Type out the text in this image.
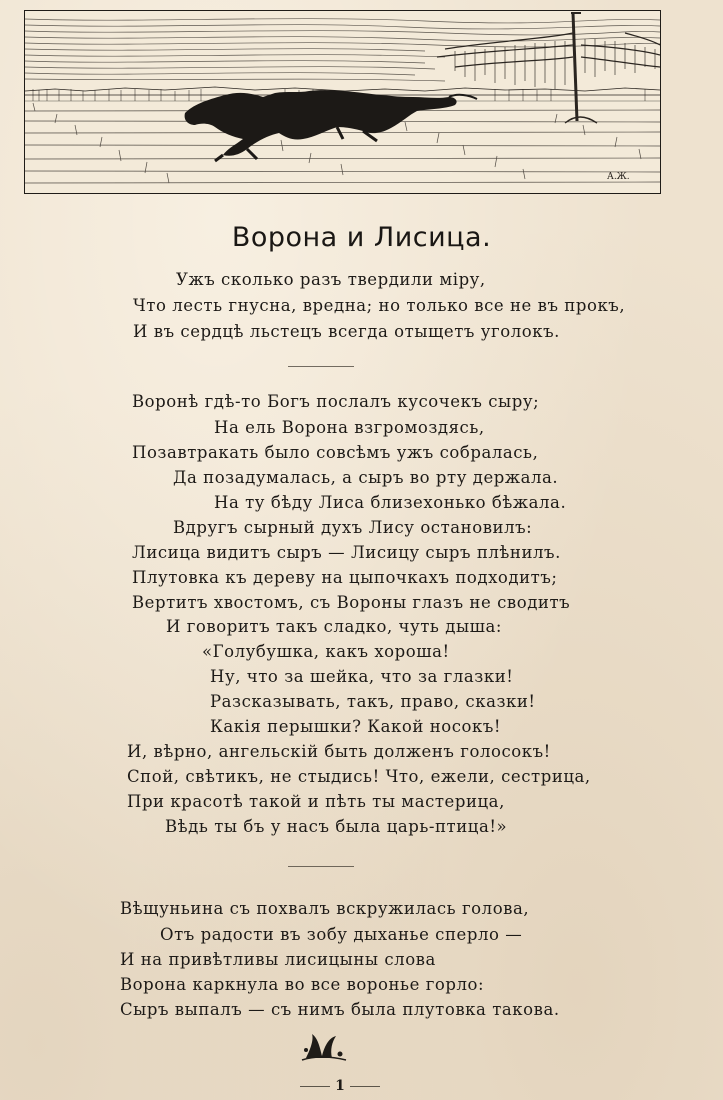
А.Ж.
Ворона и Лисица.
Ужъ сколько разъ твердили мiру,
Что лесть гнусна, вредна; но только все не въ прокъ,
И въ сердцѣ льстецъ всегда отыщетъ уголокъ.
Воронѣ гдѣ-то Богъ послалъ кусочекъ сыру;
На ель Ворона взгромоздясь,
Позавтракать было совсѣмъ ужъ собралась,
Да позадумалась, а сыръ во рту держала.
На ту бѣду Лиса близехонько бѣжала.
Вдругъ сырный духъ Лису остановилъ:
Лисица видитъ сыръ — Лисицу сыръ плѣнилъ.
Плутовка къ дереву на цыпочкахъ подходитъ;
Вертитъ хвостомъ, съ Вороны глазъ не сводитъ
И говоритъ такъ сладко, чуть дыша:
«Голубушка, какъ хороша!
Ну, что за шейка, что за глазки!
Разсказывать, такъ, право, сказки!
Какiя перышки? Какой носокъ!
И, вѣрно, ангельскiй быть долженъ голосокъ!
Спой, свѣтикъ, не стыдись! Что, ежели, сестрица,
При красотѣ такой и пѣть ты мастерица,
Вѣдь ты бъ у насъ была царь-птица!»
Вѣщуньина съ похвалъ вскружилась голова,
Отъ радости въ зобу дыханье сперло —
И на привѣтливы лисицыны слова
Ворона каркнула во все воронье горло:
Сыръ выпалъ — съ нимъ была плутовка такова.
1
